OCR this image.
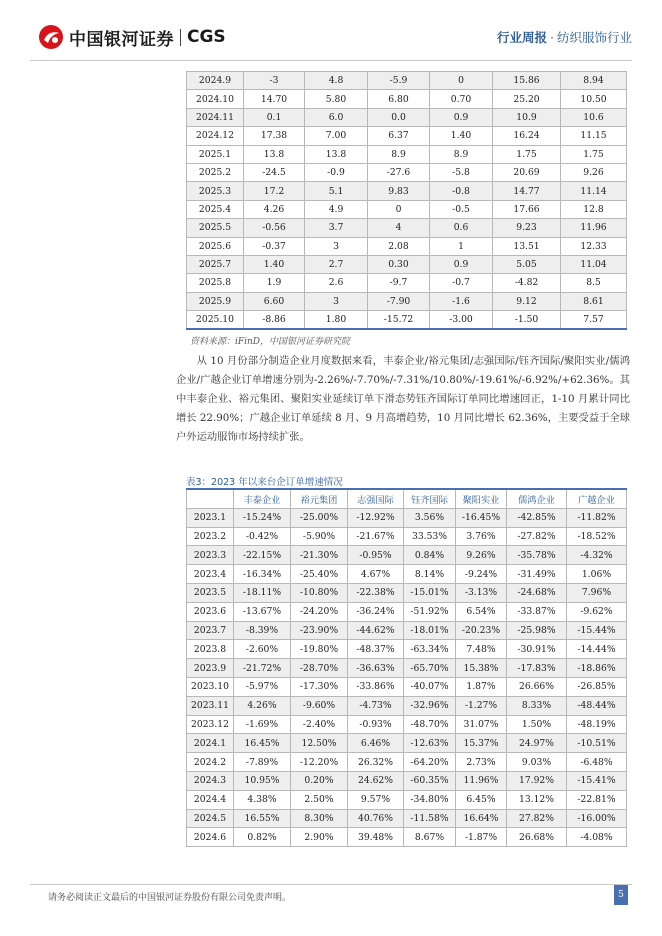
中国银河证券 CGS	行业周报 · 纺织服饰行业
2024.9	-3	4.8	-5.9	0	15.86	8.94
2024.10	14.70	5.80	6.80	0.70	25.20	10.50
2024.11	0.1	6.0	0.0	0.9	10.9	10.6
2024.12	17.38	7.00	6.37	1.40	16.24	11.15
2025.1	13.8	13.8	8.9	8.9	1.75	1.75
2025.2	-24.5	-0.9	-27.6	-5.8	20.69	9.26
2025.3	17.2	5.1	9.83	-0.8	14.77	11.14
2025.4	4.26	4.9	0	-0.5	17.66	12.8
2025.5	-0.56	3.7	4	0.6	9.23	11.96
2025.6	-0.37	3	2.08	1	13.51	12.33
2025.7	1.40	2.7	0.30	0.9	5.05	11.04
2025.8	1.9	2.6	-9.7	-0.7	-4.82	8.5
2025.9	6.60	3	-7.90	-1.6	9.12	8.61
2025.10	-8.86	1.80	-15.72	-3.00	-1.50	7.57
资料来源：iFinD，中国银河证券研究院
从 10 月份部分制造企业月度数据来看，丰泰企业/裕元集团/志强国际/钰齐国际/聚阳实业/儒鸿企业/广越企业订单增速分别为-2.26%/-7.70%/-7.31%/10.80%/-19.61%/-6.92%/+62.36%。其中丰泰企业、裕元集团、聚阳实业延续订单下滑态势钰齐国际订单同比增速回正，1-10 月累计同比增长 22.90%；广越企业订单延续 8 月、9 月高增趋势，10 月同比增长 62.36%，主要受益于全球户外运动服饰市场持续扩张。
表3：2023 年以来台企订单增速情况
	丰泰企业	裕元集团	志强国际	钰齐国际	聚阳实业	儒鸿企业	广越企业
2023.1	-15.24%	-25.00%	-12.92%	3.56%	-16.45%	-42.85%	-11.82%
2023.2	-0.42%	-5.90%	-21.67%	33.53%	3.76%	-27.82%	-18.52%
2023.3	-22.15%	-21.30%	-0.95%	0.84%	9.26%	-35.78%	-4.32%
2023.4	-16.34%	-25.40%	4.67%	8.14%	-9.24%	-31.49%	1.06%
2023.5	-18.11%	-10.80%	-22.38%	-15.01%	-3.13%	-24.68%	7.96%
2023.6	-13.67%	-24.20%	-36.24%	-51.92%	6.54%	-33.87%	-9.62%
2023.7	-8.39%	-23.90%	-44.62%	-18.01%	-20.23%	-25.98%	-15.44%
2023.8	-2.60%	-19.80%	-48.37%	-63.34%	7.48%	-30.91%	-14.44%
2023.9	-21.72%	-28.70%	-36.63%	-65.70%	15.38%	-17.83%	-18.86%
2023.10	-5.97%	-17.30%	-33.86%	-40.07%	1.87%	26.66%	-26.85%
2023.11	4.26%	-9.60%	-4.73%	-32.96%	-1.27%	8.33%	-48.44%
2023.12	-1.69%	-2.40%	-0.93%	-48.70%	31.07%	1.50%	-48.19%
2024.1	16.45%	12.50%	6.46%	-12.63%	15.37%	24.97%	-10.51%
2024.2	-7.89%	-12.20%	26.32%	-64.20%	2.73%	9.03%	-6.48%
2024.3	10.95%	0.20%	24.62%	-60.35%	11.96%	17.92%	-15.41%
2024.4	4.38%	2.50%	9.57%	-34.80%	6.45%	13.12%	-22.81%
2024.5	16.55%	8.30%	40.76%	-11.58%	16.64%	27.82%	-16.00%
2024.6	0.82%	2.90%	39.48%	8.67%	-1.87%	26.68%	-4.08%
请务必阅读正文最后的中国银河证券股份有限公司免责声明。	5
